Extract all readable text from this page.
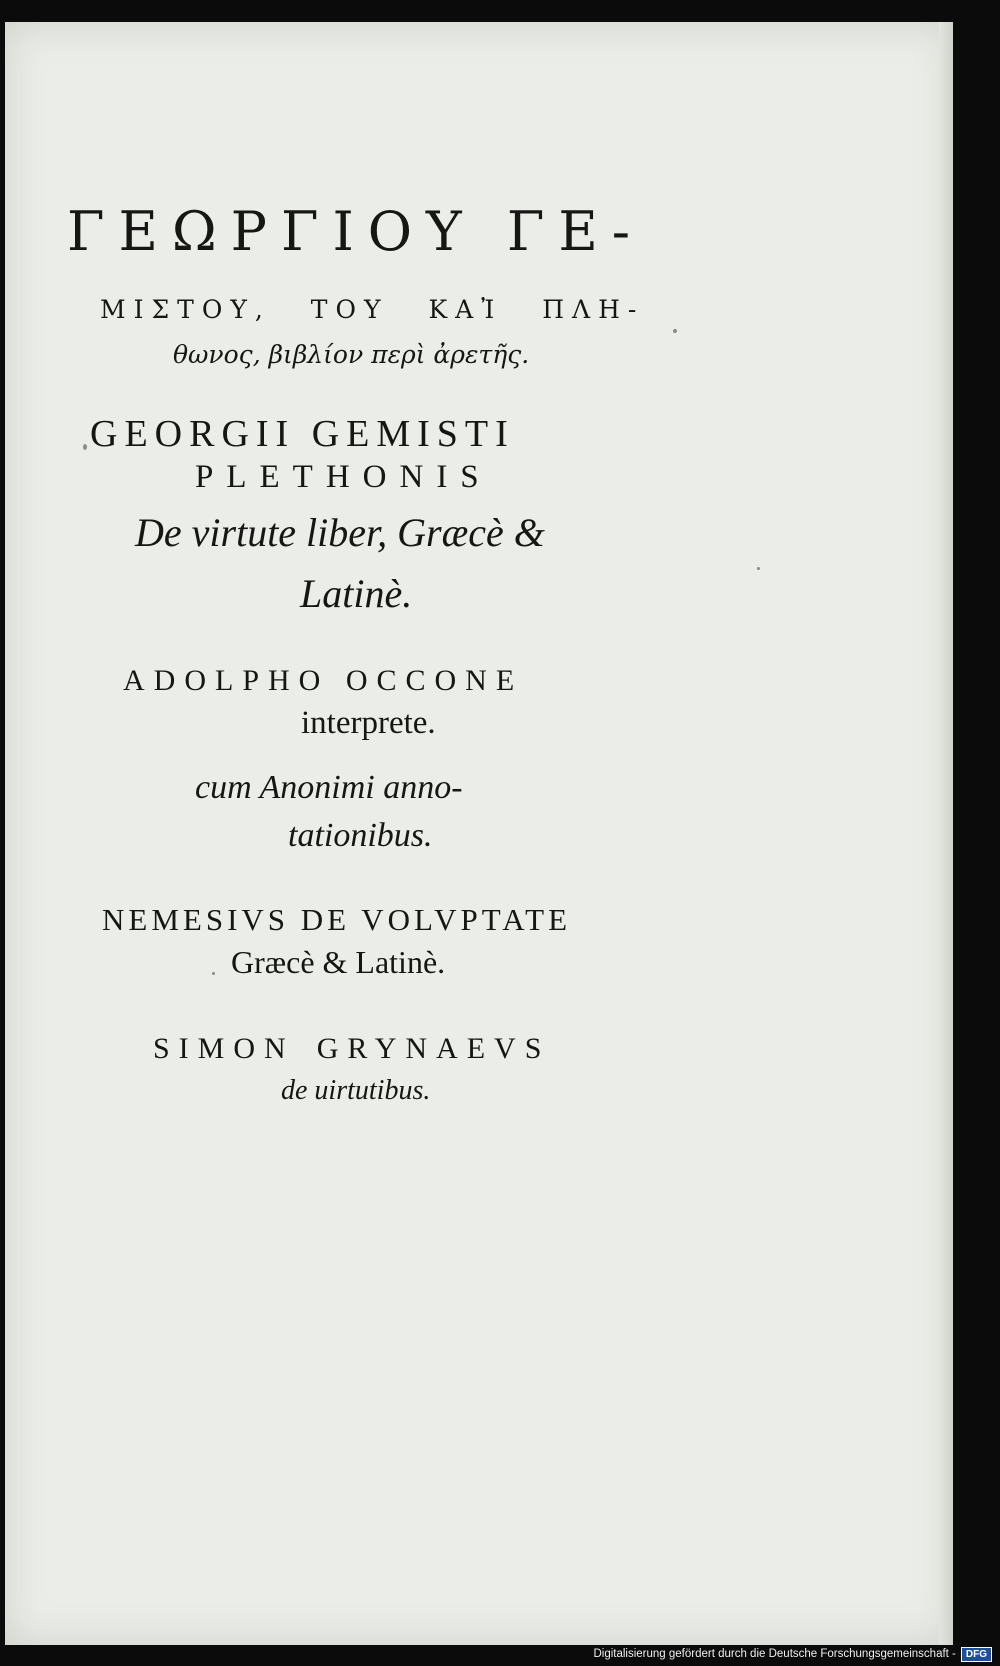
ΓΕΩΡΓΙΟΥ ΓΕ-
ΜΙΣΤΟΥ, ΤΟΥ ΚΑἸ ΠΛΗ-
θωνος, βιβλίον περὶ ἀρετῆς.
GEORGII GEMISTI
PLETHONIS
De virtute liber, Græcè &
Latinè.
ADOLPHO OCCONE
interprete.
cum Anonimi anno-
tationibus.
NEMESIVS DE VOLVPTATE
Græcè & Latinè.
SIMON GRYNAEVS
de uirtutibus.
Digitalisierung gefördert durch die Deutsche Forschungsgemeinschaft -	DFG
